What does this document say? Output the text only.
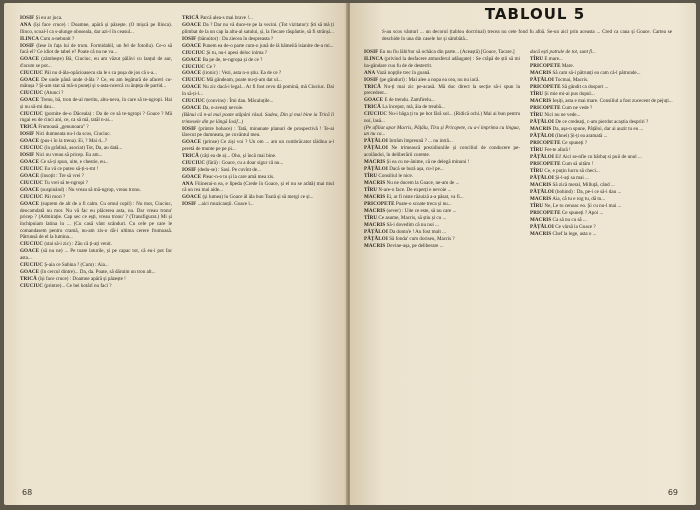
IOSIF Și eu ar juca.

ANA (își face cruce) : Doamne, apără și păzește. (O mișcă pe Ilinca). Ilinco, scoal-l ca s-alunge oboseala, dar azi-l în ceasul...

ILINCA Cum a-nebunit ?

IOSIF (Iese în fața lui de trom. Formidabil, un fel de fotoliu). Ce-o să facă el? Ce idiot de tabel e? Poate că nu ne va...

GOACE (zâmbește) Bă, Ciuciuc, eu am văzut pălăvi cu lanțul de aur, d'acum se pot...

CIUCIUC Păi nu d-ăla-opăcioasecu sla le s ca pușa de jos că s-a...

GOACE De unde până unde d-ăla ? Ce, eu am legătură de afaceri cu-mătușa ? Și-am stat să mă-n puneți și s-asta-ncercă cu ănțeța de partid...

CIUCIUC (Atunci ?

GOACE Trenu, bă, tron de-al meritu, altu-neva, în care să te-ngropi. Hai și nu să-mi dau...

CIUCIUC (pornite de-o Dăceala) : Da de ce să te-ngropi ? Goace ? Mă rugai eu de cinci ani, ce, ca să mă, tatăl n-ai...

TRICĂ Frumoasă „genunoara" ?

IOSIF Nici dumneata nu-l da scos, Ciuciuc.

GOACE (pus-i în la trena). Ei, ? Mai d...?

CIUCIUC (în grădină, asociat) Tot, Da, au dată...

IOSIF Nici nu vreau să pricep. Eu am...

GOACE Ce să-ți spun, uite, e chestie, eu...

CIUCIUC Eu vă ce puteo să-ți-s-mt !

GOACE (însoțit : Tre să vrei ?

CIUCIUC Tu vrei să te-ngropi ?

GOACE (suspinând) : Nu vreau să mă-ngrop, vreau tronu.

CIUCIUC Păi mori ?

GOACE (suprem de alt de a fi calm. Cu omul copil) : Nu mor, Ciuciuc, deocamdată nu mor. Nu vă fac eu plăcerea asta, nu. Dar vreau tronu' pricep ? (Admirație. Cap sec ce eșți, vreau tronu' ? (Transfigurat.) Mi și închipuiam latina lu ... (Cu casă vânt scânduri. Cu cele pe care le comandasem pentru cramă, nu-am zis-o dă-i ultima cerere frumoasă. Pătrunsă de el la lumina...

CIUCIUC (stai să-i zic) : Zău că ți-ați venit.

GOACE (să nu ne) ... Pe toate laturile, și pe capac tot, că eu-i pot fac asta...

CIUCIUC Ș-aia ce Sabina ? (Cum) : Aia...

GOACE (în cercul dintre)... Da, da. Poate, să dăruim un tron alt...

TRICĂ (își face cruce) : Doamne apără și păzește !

CIUCIUC (printre)... Ce bei hotărî nu faci ?

TRICĂ Parcă alea-s mai brave !...

GOACE Da ? Dar nu vă duce-te pe la vecini. (Tot vizitator): Ști să mă ți plimbat de la un cap la altu-al satului, și, la fiecare răspântie, să fi strânși...

IOSIF (bănuitor) : Da ziecea în despreasta ?

GOACE Punem ea de-o parte cum-o jună de lâ hâmeiiâ isianite de-a mi...

CIUCIUC Și tu, nu-i apesi deloc inima ?

GOACE Ba pe de, te-ngropa și de ce ?

CIUCIUC Ce ?

GOACE (ironic) : Vezi, asta n-o știu. Ea de ce ?

CIUCIUC Mă gândeam, poate nu-ți-am dat ul...

GOACE Nu zic dacă-i legal... Ar fi fost cevu dă pomină, mă Ciuciuc. Dai în să-ți-l...

CIUCIUC (convins) : Îmi dau. Mâcaluțile...

GOACE Da, n-aveați nevoie.

(Bănui că n-ai mai poate stăpâni râsul. Sadea, Din și mai bine ia Trică îi trimesele din pe lângă Iosif...)

IOSIF (printre bohace) : Tată, minunate planuri de prospectivă ! Te-ai lărecut pe dumneata, pe cuvântul meu.

GOACE (prinse) Ce ziși voi ? Un om ... am un cumbrăcator tăidina a-i peretă de munte pe pe pi...

TRICĂ (căți ea de a)... Oho, și încă mai bine.

CIUCIUC (fără) : Goace, cu a doar sigur că nu...

IOSIF (dedu-se) : Sasi. Pe cuvînt de...

GOACE Pleac-n-o tu și la care amă mea zis.

ANA Fiiinerai-n ea, e lipeda (Crede în Goace, și el nu se arătă) mai mul că un rea mai aide...

GOACE (și lumea) lu Goace ăl ăla bun Toată și să mergi ce și...

IOSIF ...aici muzicanții. Goace l...

68
TABLOUL 5
S-au scos vânturi ... un decorul (tablou doctrinal) trecea nu cete fond fu albă. Se-un aici prin aceasta ... Cred ca cana și Goace. Cartea se deschide în una din casele lor și sâmbătă...

IOSIF Eu nu fiu lăbi!tor să ochăca din parte... (Aceaștă) [Goace, Tacare.]

ILINCA (privind la desfacere atmosferul adăugate) : Se crăpă de știi să mi ba-gândare cuu fu de de desterrit.

ANA Vază nopțile trec în goană.

IOSIF (pe gânduri) : Mai alee a nopa ea cea, nu nu iacă.

TRICĂ Nu-ți mai zic pe-acasă. Mă duc direct la secție să-i spun la precedent...

GOACE E de trendu. Zamfirelu...

TRICĂ La început, mă, ăia de treabă...

CIUCIUC Nu-i bâga ți tu pe bot fără sol... (Ridică ochi.) Mai ai bun pentru noi, lasă...

(Pe afiliat apar Macris, Pățălu, Tîru și Pricopete, cu a-i imprima cu lingua, un nu ca...

PĂȚĂLOI Intrăm împreună ? ... nu intră...

PĂȚĂLOI Ne trimească prezidiuniile și conciliul de conducere pe-acolăndoi, în deliberării curente.

MACRIS Și ea cu ne-ănime, că ne delegă minuni !

PĂȚĂLOI Dacă se bură așa, cu-l pe...

TÎRU Consiliul le nice.

MACRIS Nu ne ducem la Goace, ne-am de ...

TÎRU N-are-o face. De experți e nevoie ...

MACRIS Ei, ar fi niste răzuiză a-a păsat, va fi...

PRICOPETE Poate-o scoate treca și nu...

MACRIS (sever) : Uite ce este, să nu care ...

TÎRU Ce asume, Macris, să știu și cu ...

MACRIS Să-i dovedim că nu noi ...

PĂȚĂLOI Da domn'e ! Au fost mult ...

PĂȚĂLOI Să fonda' cum doriseu, Macris ?

MACRIS Devine-așa, pe deliberare ...

dacă ești patrule de tot, sunt fi...

TÎRU E mare...

PRICOPETE Mare.

MACRIS Să cam să-i pătrunți ea cam câ-l pătrunde...

PĂȚĂLOI Tocmai, Macris.

PRICOPETE Să gândit ca dosport ...

TÎRU Și mie mi-ai pus dopul...

MACRIS Ieșiți, asta e mai mare. Consiliul a fost zucecent de pejuți...

PRICOPETE Cum ne vede ?

TÎRU Nici nu ne vede...

PĂȚĂLOI De ce credeați, c-am pierdut acaștia despriri ?

MACRIS Da, așa-n spune, Pățăloi, dar ai auzit tu eu ...

PĂȚĂLOI (Ihnei) Și-ți ea aramată ...

PRICOPETE Ce spuneți ?

TÎRU Fet-te afară !

PĂȚĂLOI Ei! Aici se-nfie cu bărbaț si puii de unul ...

PRICOPETE Cum să uităm !

TÎRU Ce, e puțin lucru să checi...

PĂȚĂLOI Și-l-ați sa mai ...

MACRIS Să zică meral, Milluță, când ...

PĂȚĂLOI (bohind) : Da, pe-i ce să-i dau ...

MACRIS Aia, că tu e rog tu, dă tu...

TÎRU Ne, Le tu cenoac eo. Și cu nu-l mai ...

PRICOPETE Ce spuneți ? Apoi ...

MACRIS Ca să nu cu să ...

PĂȚĂLOI Ce vârsă la Goace ?

MACRIS Chef la lege, asta o ...

69
